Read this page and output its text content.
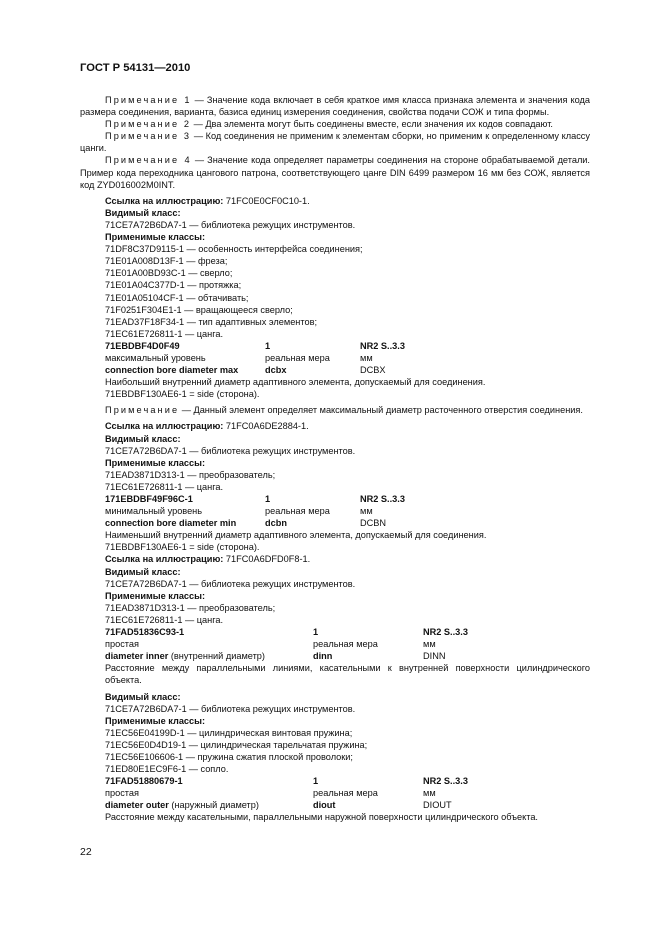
ГОСТ Р 54131—2010

Примечание 1 — Значение кода включает в себя краткое имя класса признака элемента и значения кода размера соединения, варианта, базиса единиц измерения соединения, свойства подачи СОЖ и типа формы.

Примечание 2 — Два элемента могут быть соединены вместе, если значения их кодов совпадают.

Примечание 3 — Код соединения не применим к элементам сборки, но применим к определенному классу цанги.

Примечание 4 — Значение кода определяет параметры соединения на стороне обрабатываемой детали. Пример кода переходника цангового патрона, соответствующего цанге DIN 6499 размером 16 мм без СОЖ, является код ZYD016002M0INT.

Ссылка на иллюстрацию: 71FC0E0CF0C10-1.

Видимый класс:

71CE7A72B6DA7-1 — библиотека режущих инструментов.

Применимые классы:

71DF8C37D9115-1 — особенность интерфейса соединения;

71E01A008D13F-1 — фреза;

71E01A00BD93C-1 — сверло;

71E01A04C377D-1 — протяжка;

71E01A05104CF-1 — обтачивать;

71F0251F304E1-1 — вращающееся сверло;

71EAD37F18F34-1 — тип адаптивных элементов;

71EC61E726811-1 — цанга.

71EBDBF4D0F49	1	NR2 S..3.3
максимальный уровень	реальная мера	мм
connection bore diameter max	dcbx	DCBX

Наибольший внутренний диаметр адаптивного элемента, допускаемый для соединения.

71EBDBF130AE6-1 = side (сторона).

Примечание — Данный элемент определяет максимальный диаметр расточенного отверстия соединения.

Ссылка на иллюстрацию: 71FC0A6DE2884-1.

Видимый класс:

71CE7A72B6DA7-1 — библиотека режущих инструментов.

Применимые классы:

71EAD3871D313-1 — преобразователь;

71EC61E726811-1 — цанга.

171EBDBF49F96C-1	1	NR2 S..3.3
минимальный уровень	реальная мера	мм
connection bore diameter min	dcbn	DCBN

Наименьший внутренний диаметр адаптивного элемента, допускаемый для соединения.

71EBDBF130AE6-1 = side (сторона).

Ссылка на иллюстрацию: 71FC0A6DFD0F8-1.

Видимый класс:

71CE7A72B6DA7-1 — библиотека режущих инструментов.

Применимые классы:

71EAD3871D313-1 — преобразователь;

71EC61E726811-1 — цанга.

71FAD51836C93-1	1	NR2 S..3.3
простая	реальная мера	мм
diameter inner (внутренний диаметр)	dinn	DINN

Расстояние между параллельными линиями, касательными к внутренней поверхности цилиндрического объекта.

Видимый класс:

71CE7A72B6DA7-1 — библиотека режущих инструментов.

Применимые классы:

71EC56E04199D-1 — цилиндрическая винтовая пружина;

71EC56E0D4D19-1 — цилиндрическая тарельчатая пружина;

71EC56E106606-1 — пружина сжатия плоской проволоки;

71ED80E1EC9F6-1 — сопло.

71FAD51880679-1	1	NR2 S..3.3
простая	реальная мера	мм
diameter outer (наружный диаметр)	diout	DIOUT

Расстояние между касательными, параллельными наружной поверхности цилиндрического объекта.

22
